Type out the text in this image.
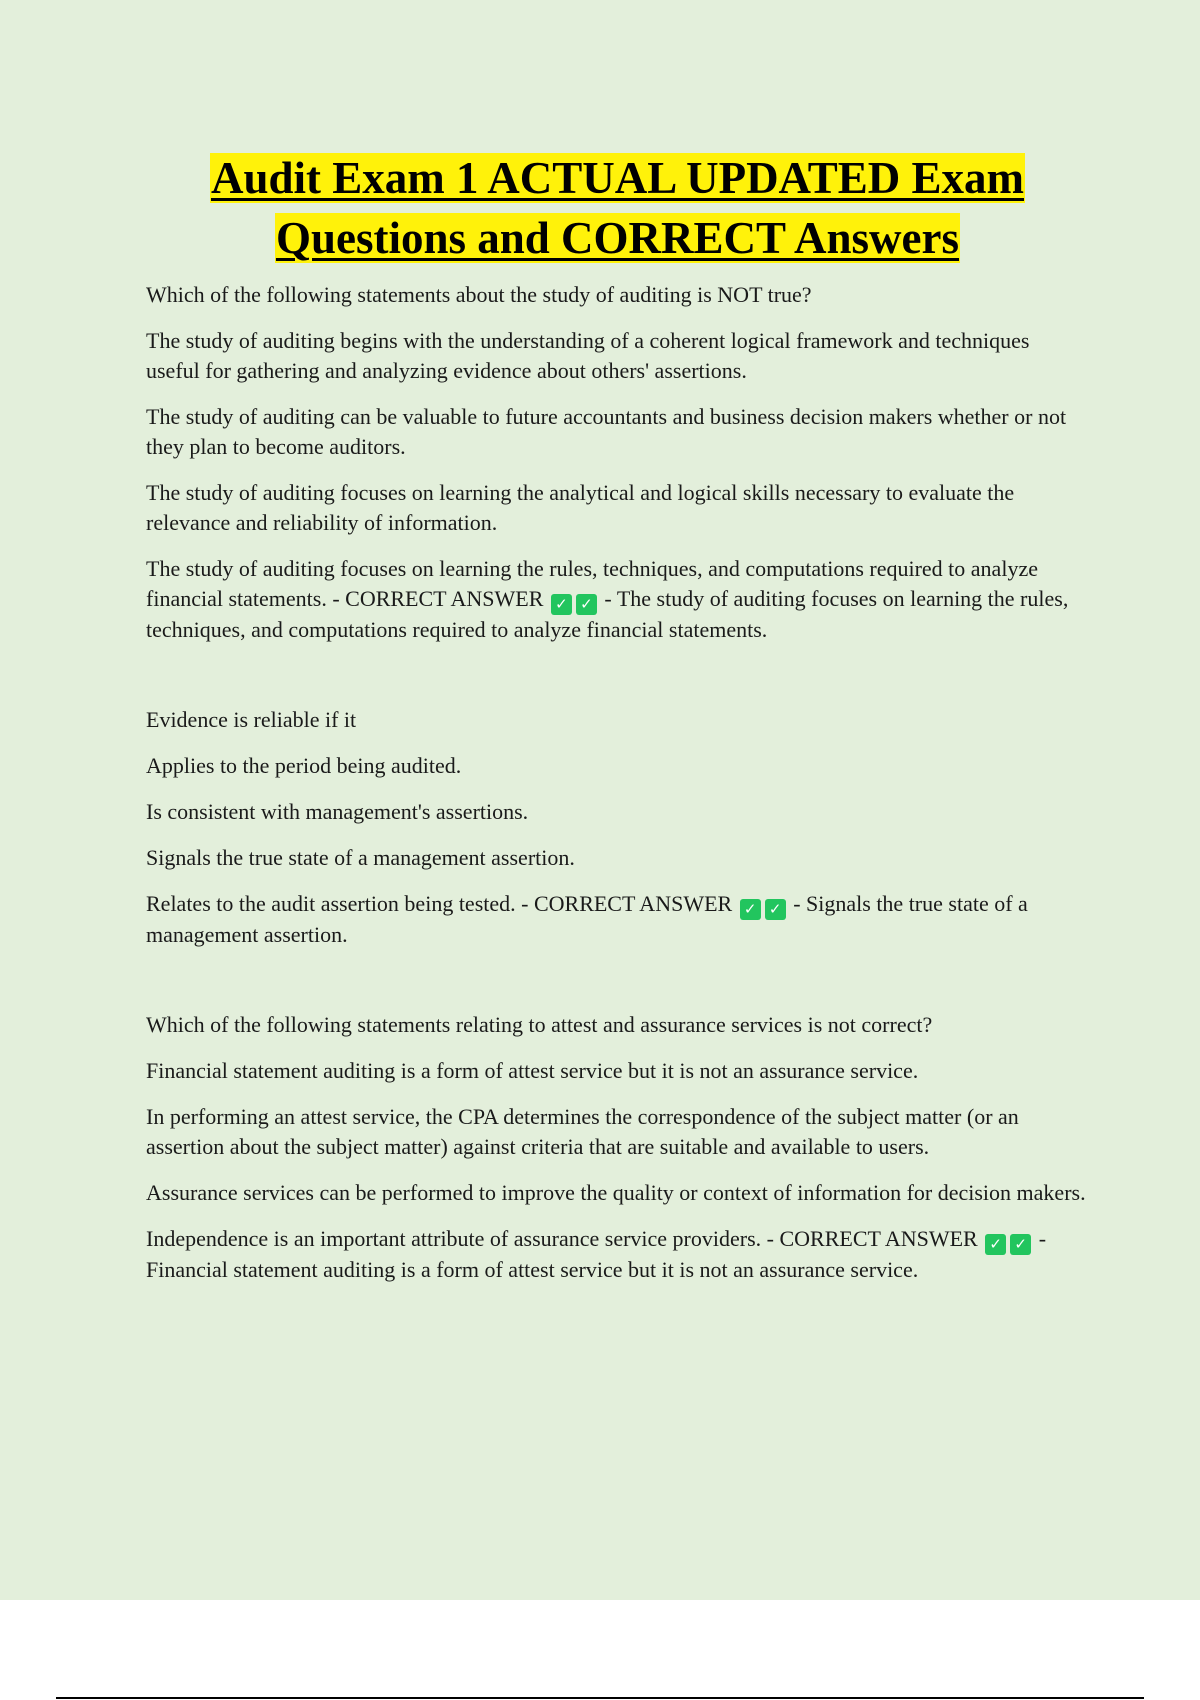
Audit Exam 1 ACTUAL UPDATED Exam
Questions and CORRECT Answers

Which of the following statements about the study of auditing is NOT true?

The study of auditing begins with the understanding of a coherent logical framework and techniques useful for gathering and analyzing evidence about others' assertions.

The study of auditing can be valuable to future accountants and business decision makers whether or not they plan to become auditors.

The study of auditing focuses on learning the analytical and logical skills necessary to evaluate the relevance and reliability of information.

The study of auditing focuses on learning the rules, techniques, and computations required to analyze financial statements. - CORRECT ANSWER ✓ ✓ - The study of auditing focuses on learning the rules, techniques, and computations required to analyze financial statements.

Evidence is reliable if it

Applies to the period being audited.

Is consistent with management's assertions.

Signals the true state of a management assertion.

Relates to the audit assertion being tested. - CORRECT ANSWER ✓ ✓ - Signals the true state of a management assertion.

Which of the following statements relating to attest and assurance services is not correct?

Financial statement auditing is a form of attest service but it is not an assurance service.

In performing an attest service, the CPA determines the correspondence of the subject matter (or an assertion about the subject matter) against criteria that are suitable and available to users.

Assurance services can be performed to improve the quality or context of information for decision makers.

Independence is an important attribute of assurance service providers. - CORRECT ANSWER ✓ ✓ - Financial statement auditing is a form of attest service but it is not an assurance service.
